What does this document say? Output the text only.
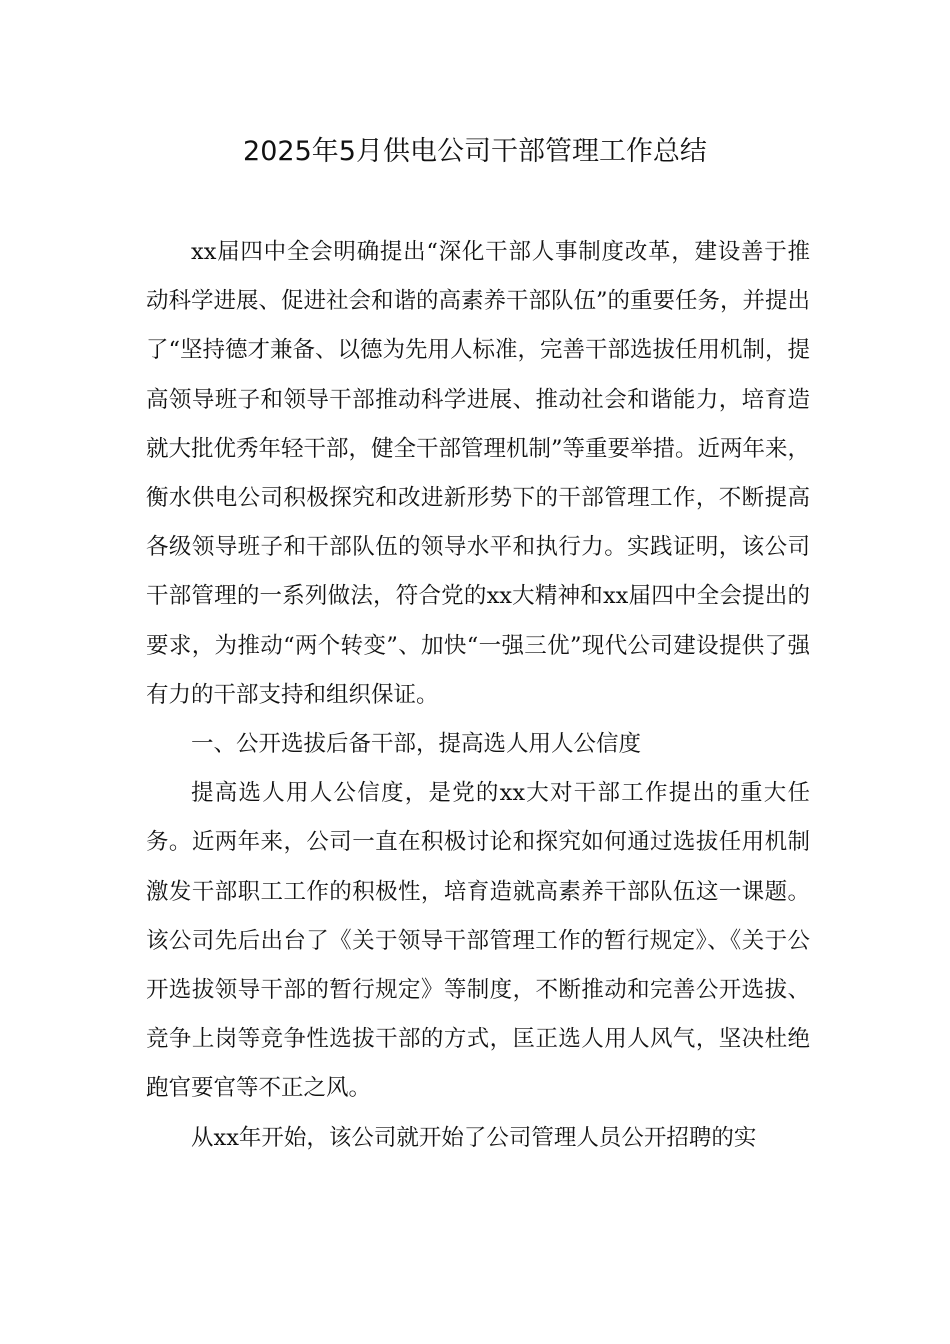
2025年5月供电公司干部管理工作总结

xx届四中全会明确提出“深化干部人事制度改革，建设善于推动科学进展、促进社会和谐的高素养干部队伍”的重要任务，并提出了“坚持德才兼备、以德为先用人标准，完善干部选拔任用机制，提高领导班子和领导干部推动科学进展、推动社会和谐能力，培育造就大批优秀年轻干部，健全干部管理机制”等重要举措。近两年来，衡水供电公司积极探究和改进新形势下的干部管理工作，不断提高各级领导班子和干部队伍的领导水平和执行力。实践证明，该公司干部管理的一系列做法，符合党的xx大精神和xx届四中全会提出的要求，为推动“两个转变”、加快“一强三优”现代公司建设提供了强有力的干部支持和组织保证。

一、公开选拔后备干部，提高选人用人公信度

提高选人用人公信度，是党的xx大对干部工作提出的重大任务。近两年来，公司一直在积极讨论和探究如何通过选拔任用机制激发干部职工工作的积极性，培育造就高素养干部队伍这一课题。该公司先后出台了《关于领导干部管理工作的暂行规定》、《关于公开选拔领导干部的暂行规定》等制度，不断推动和完善公开选拔、竞争上岗等竞争性选拔干部的方式，匡正选人用人风气，坚决杜绝跑官要官等不正之风。

从xx年开始，该公司就开始了公司管理人员公开招聘的实
